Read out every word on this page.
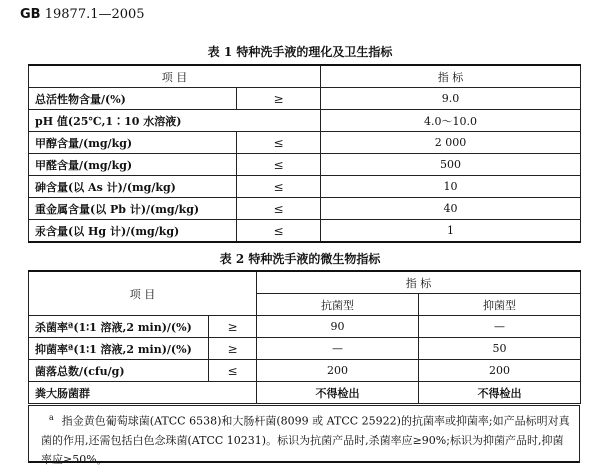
GB 19877.1—2005
表 1 特种洗手液的理化及卫生指标
项 目		指 标
总活性物含量/(%)	≥	9.0
pH 值(25℃,1∶10 水溶液)		4.0～10.0
甲醇含量/(mg/kg)	≤	2 000
甲醛含量/(mg/kg)	≤	500
砷含量(以 As 计)/(mg/kg)	≤	10
重金属含量(以 Pb 计)/(mg/kg)	≤	40
汞含量(以 Hg 计)/(mg/kg)	≤	1
表 2 特种洗手液的微生物指标
项 目		指 标	
		抗菌型	抑菌型
杀菌率ª(1∶1 溶液,2 min)/(%)	≥	90	—
抑菌率ª(1∶1 溶液,2 min)/(%)	≥	—	50
菌落总数/(cfu/g)	≤	200	200
粪大肠菌群		不得检出	不得检出
$^a$ 指金黄色葡萄球菌(ATCC 6538)和大肠杆菌(8099 或 ATCC 25922)的抗菌率或抑菌率;如产品标明对真菌的作用,还需包括白色念珠菌(ATCC 10231)。标识为抗菌产品时,杀菌率应≥90%;标识为抑菌产品时,抑菌率应≥50%。
